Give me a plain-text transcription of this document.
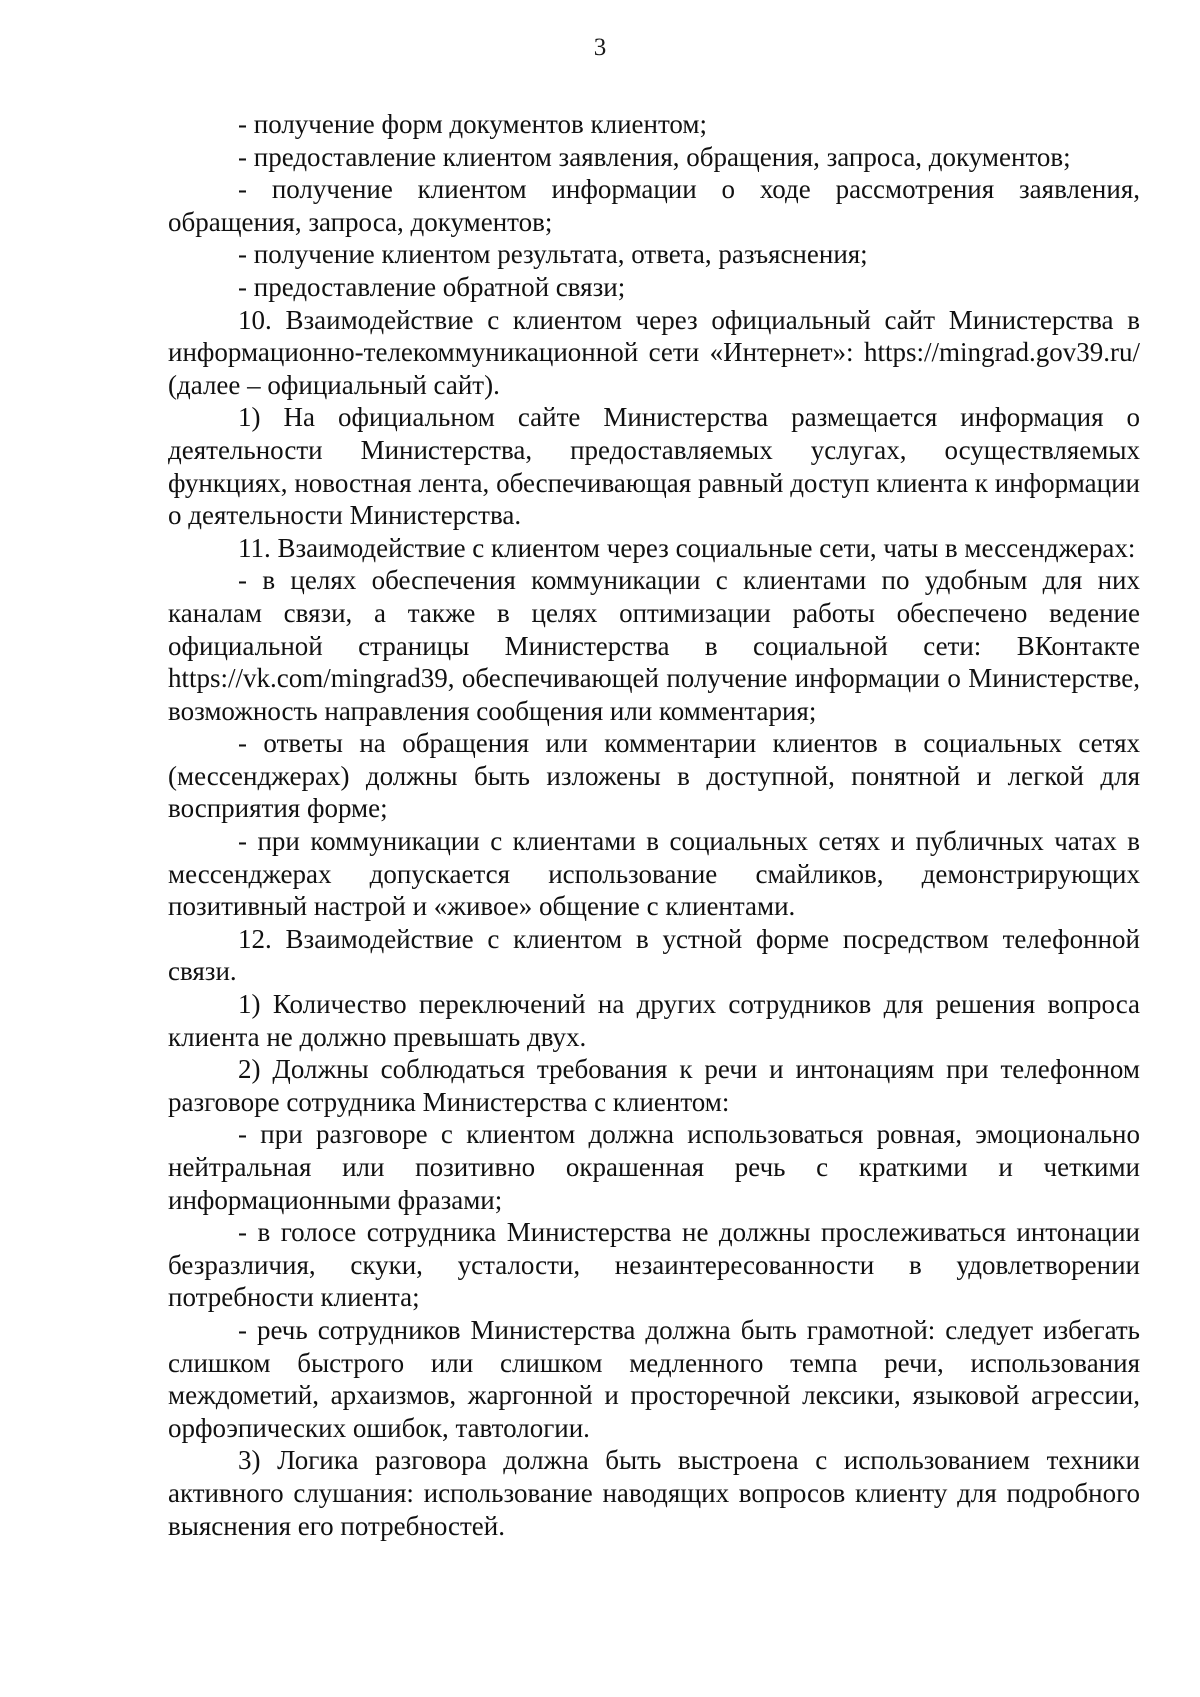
3

- получение форм документов клиентом;

- предоставление клиентом заявления, обращения, запроса, документов;

- получение клиентом информации о ходе рассмотрения заявления, обращения, запроса, документов;

- получение клиентом результата, ответа, разъяснения;

- предоставление обратной связи;

10. Взаимодействие с клиентом через официальный сайт Министерства в информационно-телекоммуникационной сети «Интернет»: https://mingrad.gov39.ru/ (далее – официальный сайт).

1) На официальном сайте Министерства размещается информация о деятельности Министерства, предоставляемых услугах, осуществляемых функциях, новостная лента, обеспечивающая равный доступ клиента к информации о деятельности Министерства.

11. Взаимодействие с клиентом через социальные сети, чаты в мессенджерах:

- в целях обеспечения коммуникации с клиентами по удобным для них каналам связи, а также в целях оптимизации работы обеспечено ведение официальной страницы Министерства в социальной сети: ВКонтакте https://vk.com/mingrad39, обеспечивающей получение информации о Министерстве, возможность направления сообщения или комментария;

- ответы на обращения или комментарии клиентов в социальных сетях (мессенджерах) должны быть изложены в доступной, понятной и легкой для восприятия форме;

- при коммуникации с клиентами в социальных сетях и публичных чатах в мессенджерах допускается использование смайликов, демонстрирующих позитивный настрой и «живое» общение с клиентами.

12. Взаимодействие с клиентом в устной форме посредством телефонной связи.

1) Количество переключений на других сотрудников для решения вопроса клиента не должно превышать двух.

2) Должны соблюдаться требования к речи и интонациям при телефонном разговоре сотрудника Министерства с клиентом:

- при разговоре с клиентом должна использоваться ровная, эмоционально нейтральная или позитивно окрашенная речь с краткими и четкими информационными фразами;

- в голосе сотрудника Министерства не должны прослеживаться интонации безразличия, скуки, усталости, незаинтересованности в удовлетворении потребности клиента;

- речь сотрудников Министерства должна быть грамотной: следует избегать слишком быстрого или слишком медленного темпа речи, использования междометий, архаизмов, жаргонной и просторечной лексики, языковой агрессии, орфоэпических ошибок, тавтологии.

3) Логика разговора должна быть выстроена с использованием техники активного слушания: использование наводящих вопросов клиенту для подробного выяснения его потребностей.
